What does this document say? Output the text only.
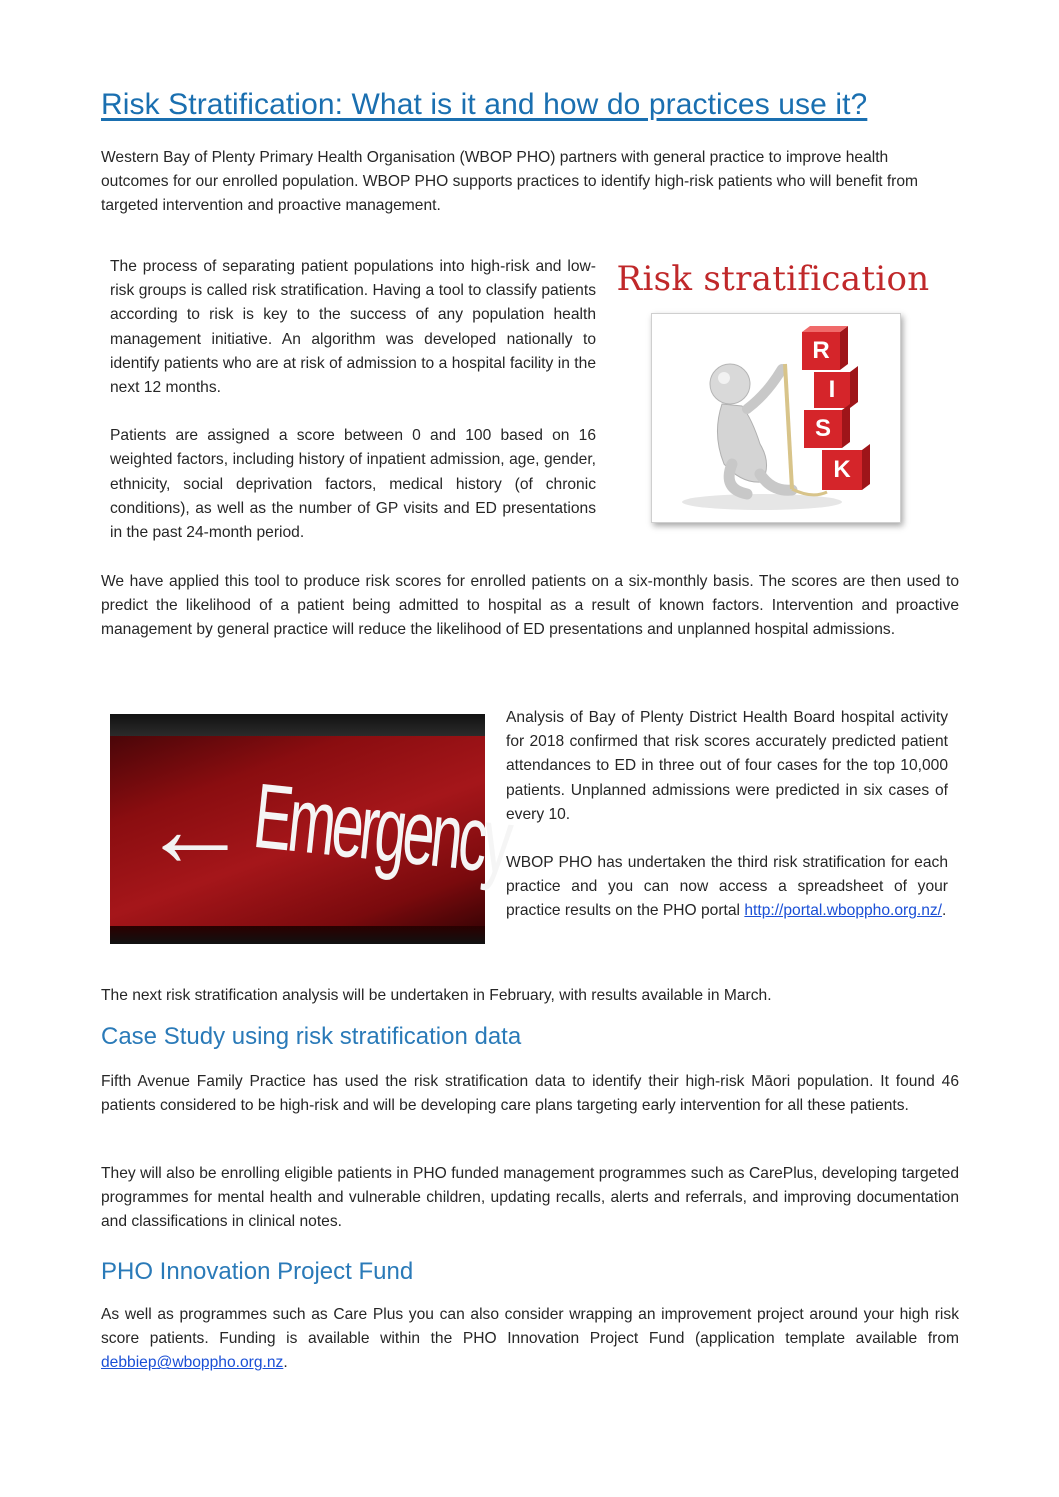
Risk Stratification: What is it and how do practices use it?

Western Bay of Plenty Primary Health Organisation (WBOP PHO) partners with general practice to improve health outcomes for our enrolled population. WBOP PHO supports practices to identify high-risk patients who will benefit from targeted intervention and proactive management.

The process of separating patient populations into high-risk and low-risk groups is called risk stratification. Having a tool to classify patients according to risk is key to the success of any population health management initiative. An algorithm was developed nationally to identify patients who are at risk of admission to a hospital facility in the next 12 months.

Patients are assigned a score between 0 and 100 based on 16 weighted factors, including history of inpatient admission, age, gender, ethnicity, social deprivation factors, medical history (of chronic conditions), as well as the number of GP visits and ED presentations in the past 24-month period.

Risk stratification
R
I
S
K

We have applied this tool to produce risk scores for enrolled patients on a six-monthly basis. The scores are then used to predict the likelihood of a patient being admitted to hospital as a result of known factors. Intervention and proactive management by general practice will reduce the likelihood of ED presentations and unplanned hospital admissions.

← Emergency

Analysis of Bay of Plenty District Health Board hospital activity for 2018 confirmed that risk scores accurately predicted patient attendances to ED in three out of four cases for the top 10,000 patients. Unplanned admissions were predicted in six cases of every 10.

WBOP PHO has undertaken the third risk stratification for each practice and you can now access a spreadsheet of your practice results on the PHO portal http://portal.wboppho.org.nz/.

The next risk stratification analysis will be undertaken in February, with results available in March.

Case Study using risk stratification data

Fifth Avenue Family Practice has used the risk stratification data to identify their high-risk Māori population. It found 46 patients considered to be high-risk and will be developing care plans targeting early intervention for all these patients.

They will also be enrolling eligible patients in PHO funded management programmes such as CarePlus, developing targeted programmes for mental health and vulnerable children, updating recalls, alerts and referrals, and improving documentation and classifications in clinical notes.

PHO Innovation Project Fund

As well as programmes such as Care Plus you can also consider wrapping an improvement project around your high risk score patients. Funding is available within the PHO Innovation Project Fund (application template available from debbiep@wboppho.org.nz.
